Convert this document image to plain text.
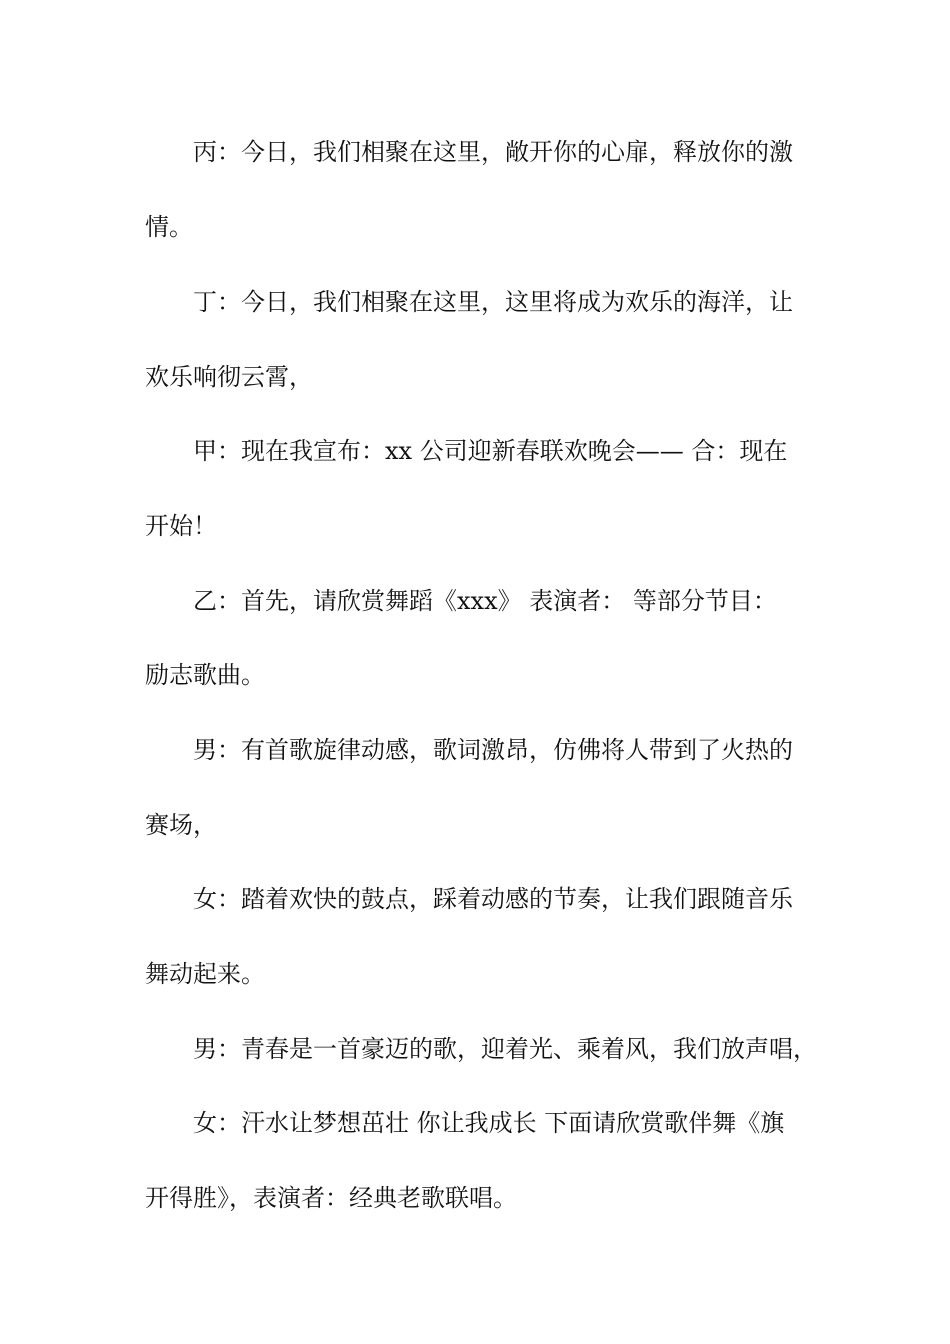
丙：今日，我们相聚在这里，敞开你的心扉，释放你的激
情。
丁：今日，我们相聚在这里，这里将成为欢乐的海洋，让
欢乐响彻云霄，
甲：现在我宣布：xx 公司迎新春联欢晚会—— 合：现在
开始！
乙：首先，请欣赏舞蹈《xxx》 表演者： 等部分节目：
励志歌曲。
男：有首歌旋律动感，歌词激昂，仿佛将人带到了火热的
赛场，
女：踏着欢快的鼓点，踩着动感的节奏，让我们跟随音乐
舞动起来。
男：青春是一首豪迈的歌，迎着光、乘着风，我们放声唱，
女：汗水让梦想茁壮 你让我成长 下面请欣赏歌伴舞《旗
开得胜》，表演者：经典老歌联唱。
